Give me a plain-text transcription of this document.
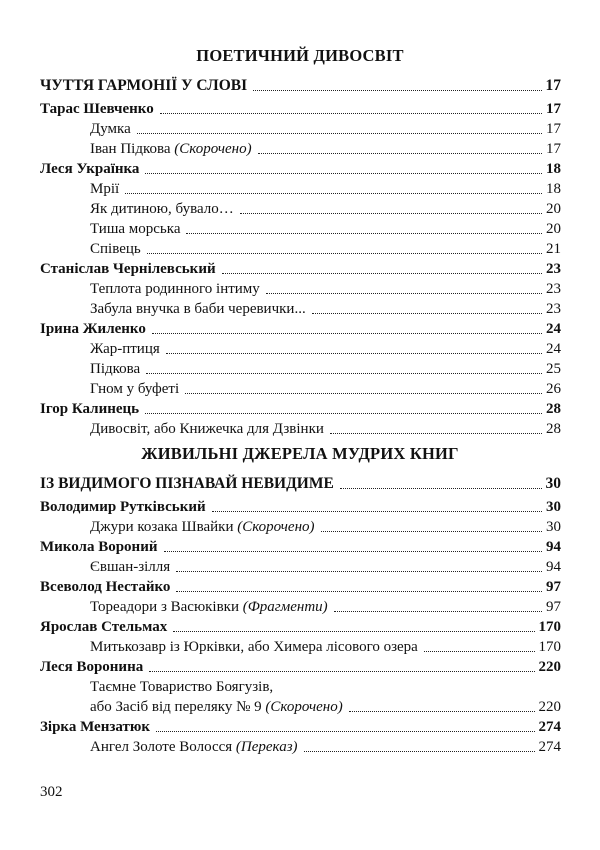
ПОЕТИЧНИЙ ДИВОСВІТ
ЧУТТЯ ГАРМОНІЇ У СЛОВІ	17
Тарас Шевченко	17
Думка	17
Іван Підкова (Скорочено)	17
Леся Українка	18
Мрії	18
Як дитиною, бувало…	20
Тиша морська	20
Співець	21
Станіслав Чернілевський	23
Теплота родинного інтиму	23
Забула внучка в баби черевички...	23
Ірина Жиленко	24
Жар-птиця	24
Підкова	25
Гном у буфеті	26
Ігор Калинець	28
Дивосвіт, або Книжечка для Дзвінки	28
ЖИВИЛЬНІ ДЖЕРЕЛА МУДРИХ КНИГ
ІЗ ВИДИМОГО ПІЗНАВАЙ НЕВИДИМЕ	30
Володимир Рутківський	30
Джури козака Швайки (Скорочено)	30
Микола Вороний	94
Євшан-зілля	94
Всеволод Нестайко	97
Тореадори з Васюківки (Фрагменти)	97
Ярослав Стельмах	170
Митькозавр із Юрківки, або Химера лісового озера	170
Леся Воронина	220
Таємне Товариство Боягузів,
або Засіб від переляку № 9 (Скорочено)	220
Зірка Мензатюк	274
Ангел Золоте Волосся (Переказ)	274
302
